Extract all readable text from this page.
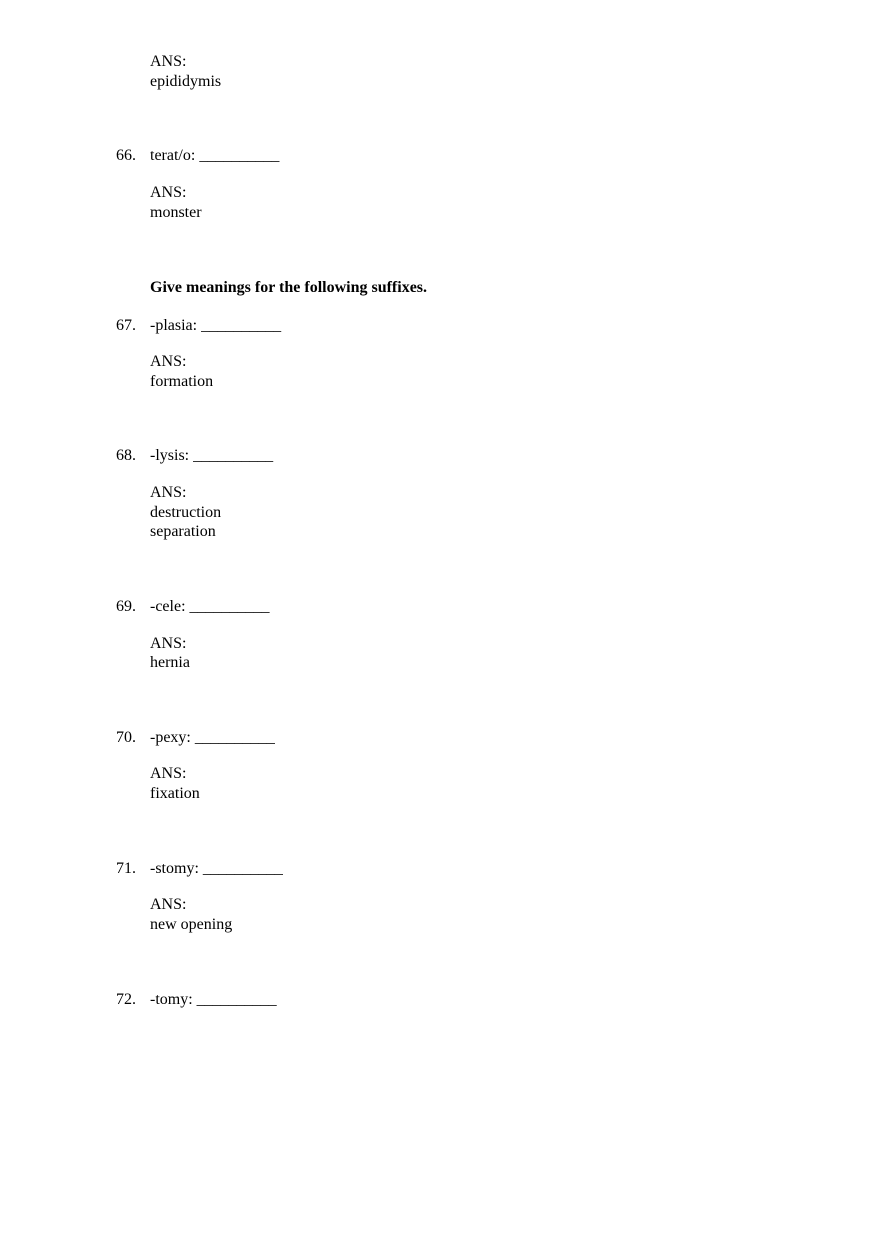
ANS:
epididymis
66. terat/o: __________
ANS:
monster
Give meanings for the following suffixes.
67. -plasia: __________
ANS:
formation
68. -lysis: __________
ANS:
destruction
separation
69. -cele: __________
ANS:
hernia
70. -pexy: __________
ANS:
fixation
71. -stomy: __________
ANS:
new opening
72. -tomy: __________
